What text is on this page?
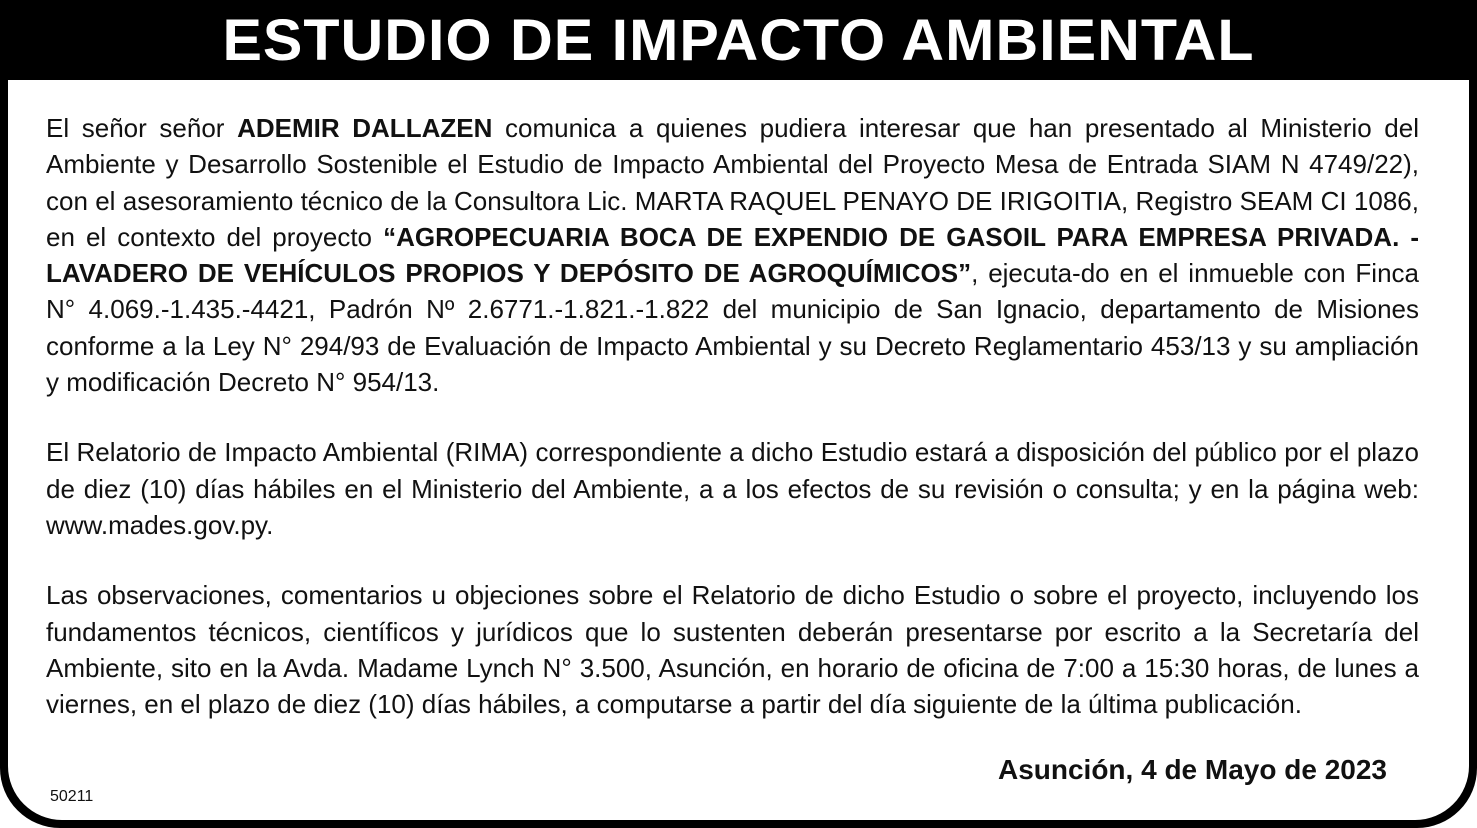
ESTUDIO DE IMPACTO AMBIENTAL

El señor señor ADEMIR DALLAZEN comunica a quienes pudiera interesar que han presentado al Ministerio del Ambiente y Desarrollo Sostenible el Estudio de Impacto Ambiental del Proyecto Mesa de Entrada SIAM N 4749/22), con el asesoramiento técnico de la Consultora Lic. MARTA RAQUEL PENAYO DE IRIGOITIA, Registro SEAM CI 1086, en el contexto del proyecto “AGROPECUARIA BOCA DE EXPENDIO DE GASOIL PARA EMPRESA PRIVADA. -LAVADERO DE VEHÍCULOS PROPIOS Y DEPÓSITO DE AGROQUÍMICOS”, ejecuta-do en el inmueble con Finca N° 4.069.-1.435.-4421, Padrón Nº 2.6771.-1.821.-1.822 del municipio de San Ignacio, departamento de Misiones conforme a la Ley N° 294/93 de Evaluación de Impacto Ambiental y su Decreto Reglamentario 453/13 y su ampliación y modificación Decreto N° 954/13.

El Relatorio de Impacto Ambiental (RIMA) correspondiente a dicho Estudio estará a disposición del público por el plazo de diez (10) días hábiles en el Ministerio del Ambiente, a a los efectos de su revisión o consulta; y en la página web: www.mades.gov.py.

Las observaciones, comentarios u objeciones sobre el Relatorio de dicho Estudio o sobre el proyecto, incluyendo los fundamentos técnicos, científicos y jurídicos que lo sustenten deberán presentarse por escrito a la Secretaría del Ambiente, sito en la Avda. Madame Lynch N° 3.500, Asunción, en horario de oficina de 7:00 a 15:30 horas, de lunes a viernes, en el plazo de diez (10) días hábiles, a computarse a partir del día siguiente de la última publicación.

Asunción, 4 de Mayo de 2023
50211
